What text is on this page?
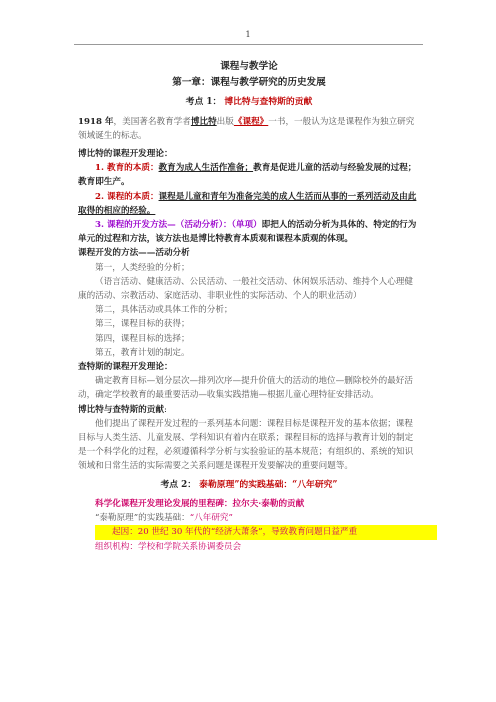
1
课程与教学论
第一章：课程与教学研究的历史发展
考点 1： 博比特与查特斯的贡献

1918 年，美国著名教育学者博比特出版《课程》一书，一般认为这是课程作为独立研究领域诞生的标志。

博比特的课程开发理论：

1. 教育的本质：教育为成人生活作准备；教育是促进儿童的活动与经验发展的过程；教育即生产。

2. 课程的本质：课程是儿童和青年为准备完美的成人生活而从事的一系列活动及由此取得的相应的经验。

3. 课程的开发方法—（活动分析）：（单项）即把人的活动分析为具体的、特定的行为单元的过程和方法，该方法也是博比特教育本质观和课程本质观的体现。

课程开发的方法——活动分析

第一，人类经验的分析；

（语言活动、健康活动、公民活动、一般社交活动、休闲娱乐活动、维持个人心理健康的活动、宗教活动、家庭活动、非职业性的实际活动、个人的职业活动）

第二，具体活动或具体工作的分析；

第三，课程目标的获得；

第四，课程目标的选择；

第五，教育计划的制定。

查特斯的课程开发理论：

确定教育目标—划分层次—排列次序—提升价值大的活动的地位—删除校外的最好活动，确定学校教育的最重要活动—收集实践措施—根据儿童心理特征安排活动。

博比特与查特斯的贡献:

他们提出了课程开发过程的一系列基本问题：课程目标是课程开发的基本依据；课程目标与人类生活、儿童发展、学科知识有着内在联系；课程目标的选择与教育计划的制定是一个科学化的过程，必须遵循科学分析与实验验证的基本规范；有组织的、系统的知识领域和日常生活的实际需要之关系问题是课程开发要解决的重要问题等。

考点 2： 泰勒原理”的实践基础：“八年研究”

科学化课程开发理论发展的里程碑：拉尔夫·泰勒的贡献

“泰勒原理”的实践基础：“八年研究”

起因：20 世纪 30 年代的“经济大萧条”，导致教育问题日益严重

组织机构：学校和学院关系协调委员会
